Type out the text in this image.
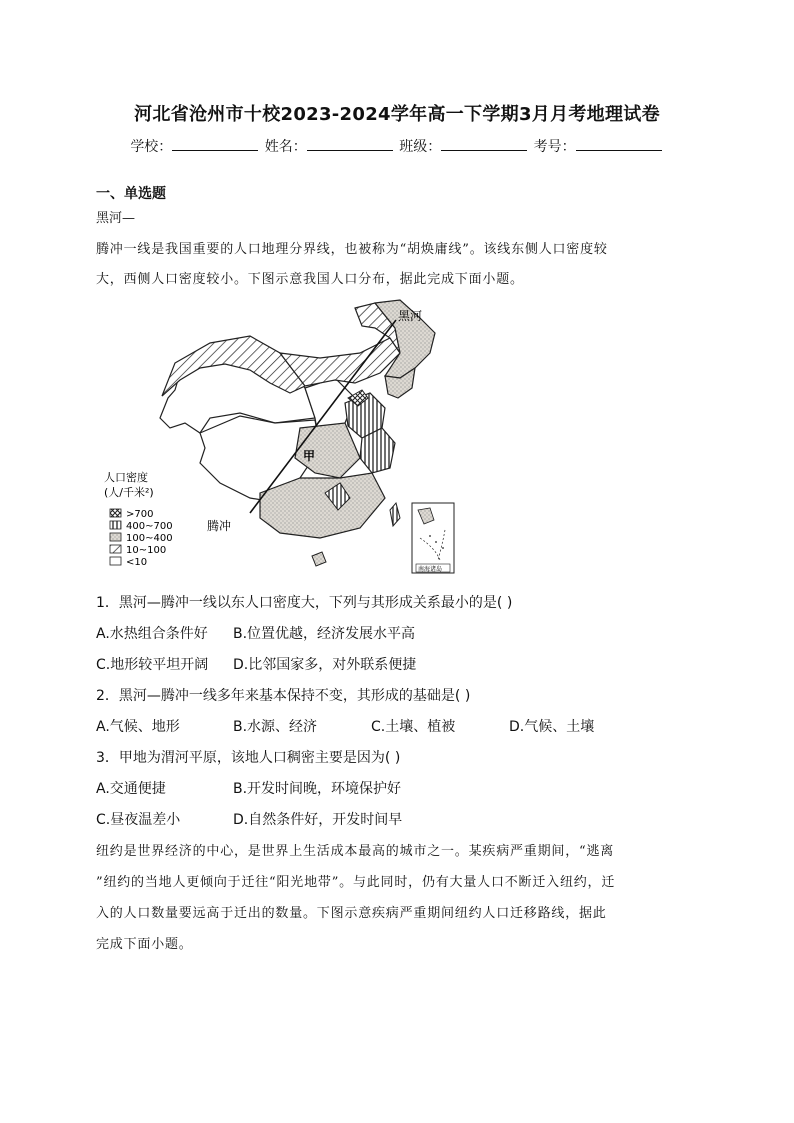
河北省沧州市十校2023-2024学年高一下学期3月月考地理试卷
学校：	姓名：	班级：	考号：
一、单选题
黑河—
腾冲一线是我国重要的人口地理分界线，也被称为“胡焕庸线”。该线东侧人口密度较
大，西侧人口密度较小。下图示意我国人口分布，据此完成下面小题。
黑河
腾冲
甲
人口密度
(人/千米²)
>700
400~700
100~400
10~100
<10
南海诸岛
1．黑河—腾冲一线以东人口密度大，下列与其形成关系最小的是( )
A.水热组合条件好 B.位置优越，经济发展水平高
C.地形较平坦开阔 D.比邻国家多，对外联系便捷
2．黑河—腾冲一线多年来基本保持不变，其形成的基础是( )
A.气候、地形	B.水源、经济	C.土壤、植被	D.气候、土壤
3．甲地为渭河平原，该地人口稠密主要是因为( )
A.交通便捷	B.开发时间晚，环境保护好
C.昼夜温差小	D.自然条件好，开发时间早
纽约是世界经济的中心，是世界上生活成本最高的城市之一。某疾病严重期间，“逃离
”纽约的当地人更倾向于迁往“阳光地带”。与此同时，仍有大量人口不断迁入纽约，迁
入的人口数量要远高于迁出的数量。下图示意疾病严重期间纽约人口迁移路线，据此
完成下面小题。
